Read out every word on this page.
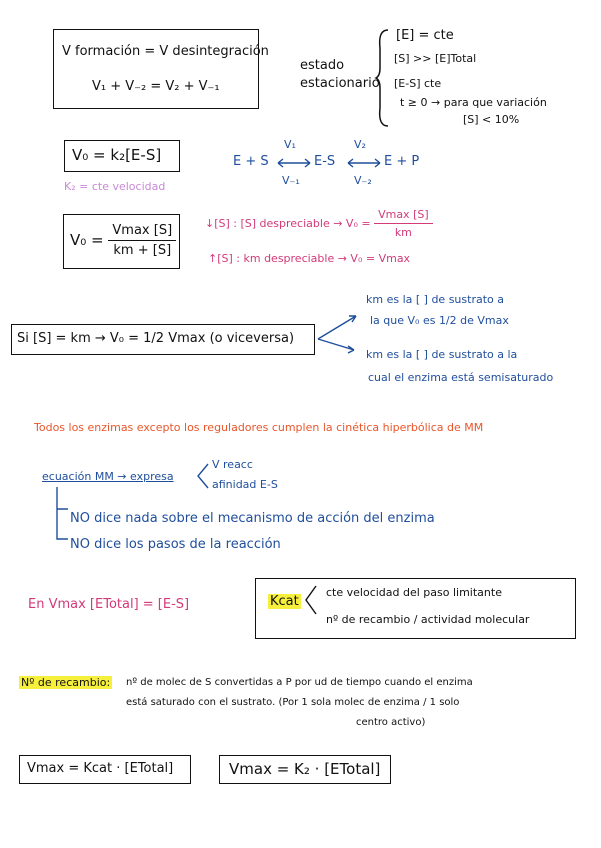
V formación = V desintegración
V₁ + V₋₂ = V₂ + V₋₁
estado
estacionario
[E] = cte
[S] >> [E]Total
[E-S] cte
t ≥ 0 → para que variación
[S] < 10%
V₀ = k₂[E-S]
K₂ = cte velocidad
E + S
V₁
V₋₁
E-S
V₂
V₋₂
E + P
$V_0 = \frac{Vmax [S]}{km + [S]}$	↓[S] : [S] despreciable → $V_0 = \frac{Vmax [S]}{km}$
↑[S] : km despreciable → V₀ = Vmax
Si [S] = km → V₀ = 1/2 Vmax (o viceversa)
km es la [ ] de sustrato a
la que V₀ es 1/2 de Vmax
km es la [ ] de sustrato a la
cual el enzima está semisaturado
Todos los enzimas excepto los reguladores cumplen la cinética hiperbólica de MM
ecuación MM → expresa
V reacc
afinidad E-S
NO dice nada sobre el mecanismo de acción del enzima
NO dice los pasos de la reacción
En Vmax [ETotal] = [E-S]	Kcat
cte velocidad del paso limitante
nº de recambio / actividad molecular
Nº de recambio: nº de molec de S convertidas a P por ud de tiempo cuando el enzima
está saturado con el sustrato. (Por 1 sola molec de enzima / 1 solo
centro activo)
Vmax = Kcat · [ETotal]	Vmax = K₂ · [ETotal]
